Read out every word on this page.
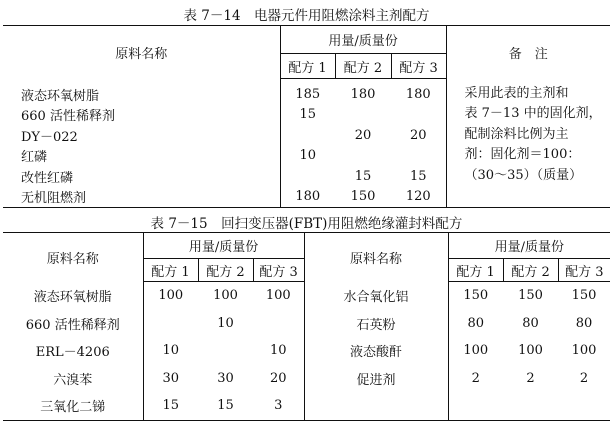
表 7－14　电器元件用阻燃涂料主剂配方
原料名称	用量/质量份			备　注
	配方 1	配方 2	配方 3	
液态环氧树脂	185	180	180	采用此表的主剂和
表 7－13 中的固化剂，
配制涂料比例为主
剂：固化剂＝100：
（30～35）（质量）

660 活性稀释剂	15			
DY－022		20	20	
红磷	10			
改性红磷		15	15	
无机阻燃剂	180	150	120	
表 7－15　回扫变压器(FBT)用阻燃绝缘灌封料配方
原料名称	用量/质量份			原料名称	用量/质量份		
	配方 1	配方 2	配方 3		配方 1	配方 2	配方 3
液态环氧树脂	100	100	100	水合氧化铝	150	150	150
660 活性稀释剂		10		石英粉	80	80	80
ERL－4206	10		10	液态酸酐	100	100	100
六溴苯	30	30	20	促进剂	2	2	2
三氧化二锑	15	15	3				
